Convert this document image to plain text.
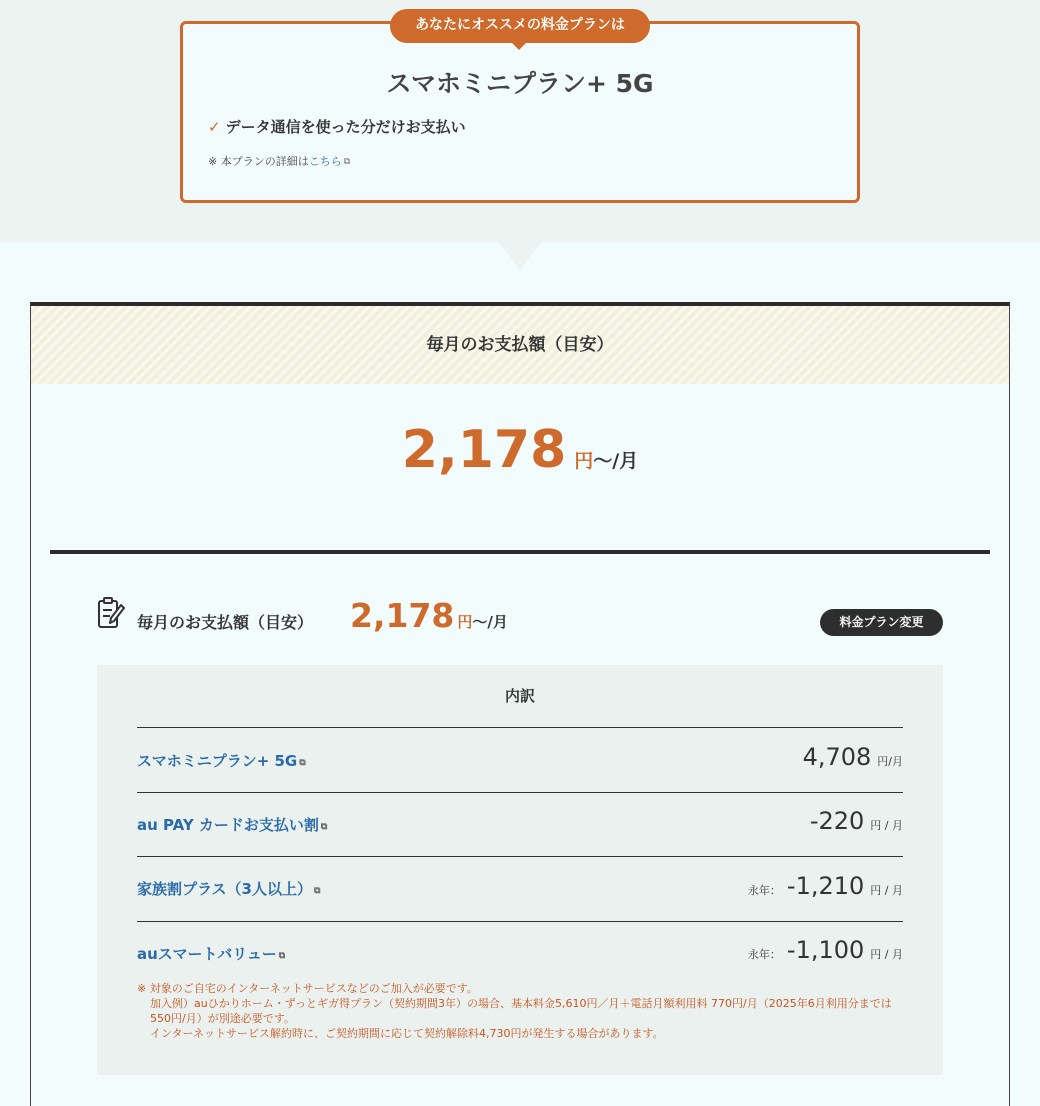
あなたにオススメの料金プランは
スマホミニプラン+ 5G
✓ データ通信を使った分だけお支払い
※ 本プランの詳細はこちら ⧉
毎月のお支払額（目安）
2,178 円〜/月
毎月のお支払額（目安） 2,178 円〜/月	料金プラン変更
内訳
スマホミニプラン+ 5G ⧉	4,708 円/月
au PAY カードお支払い割 ⧉	-220 円 / 月
家族割プラス（3人以上） ⧉	永年： -1,210 円 / 月
auスマートバリュー ⧉	永年： -1,100 円 / 月
※ 対象のご自宅のインターネットサービスなどのご加入が必要です。
加入例）auひかりホーム・ずっとギガ得プラン（契約期間3年）の場合、基本料金5,610円／月＋電話月額利用料 770円/月（2025年6月利用分までは
550円/月）が別途必要です。
インターネットサービス解約時に、ご契約期間に応じて契約解除料4,730円が発生する場合があります。
